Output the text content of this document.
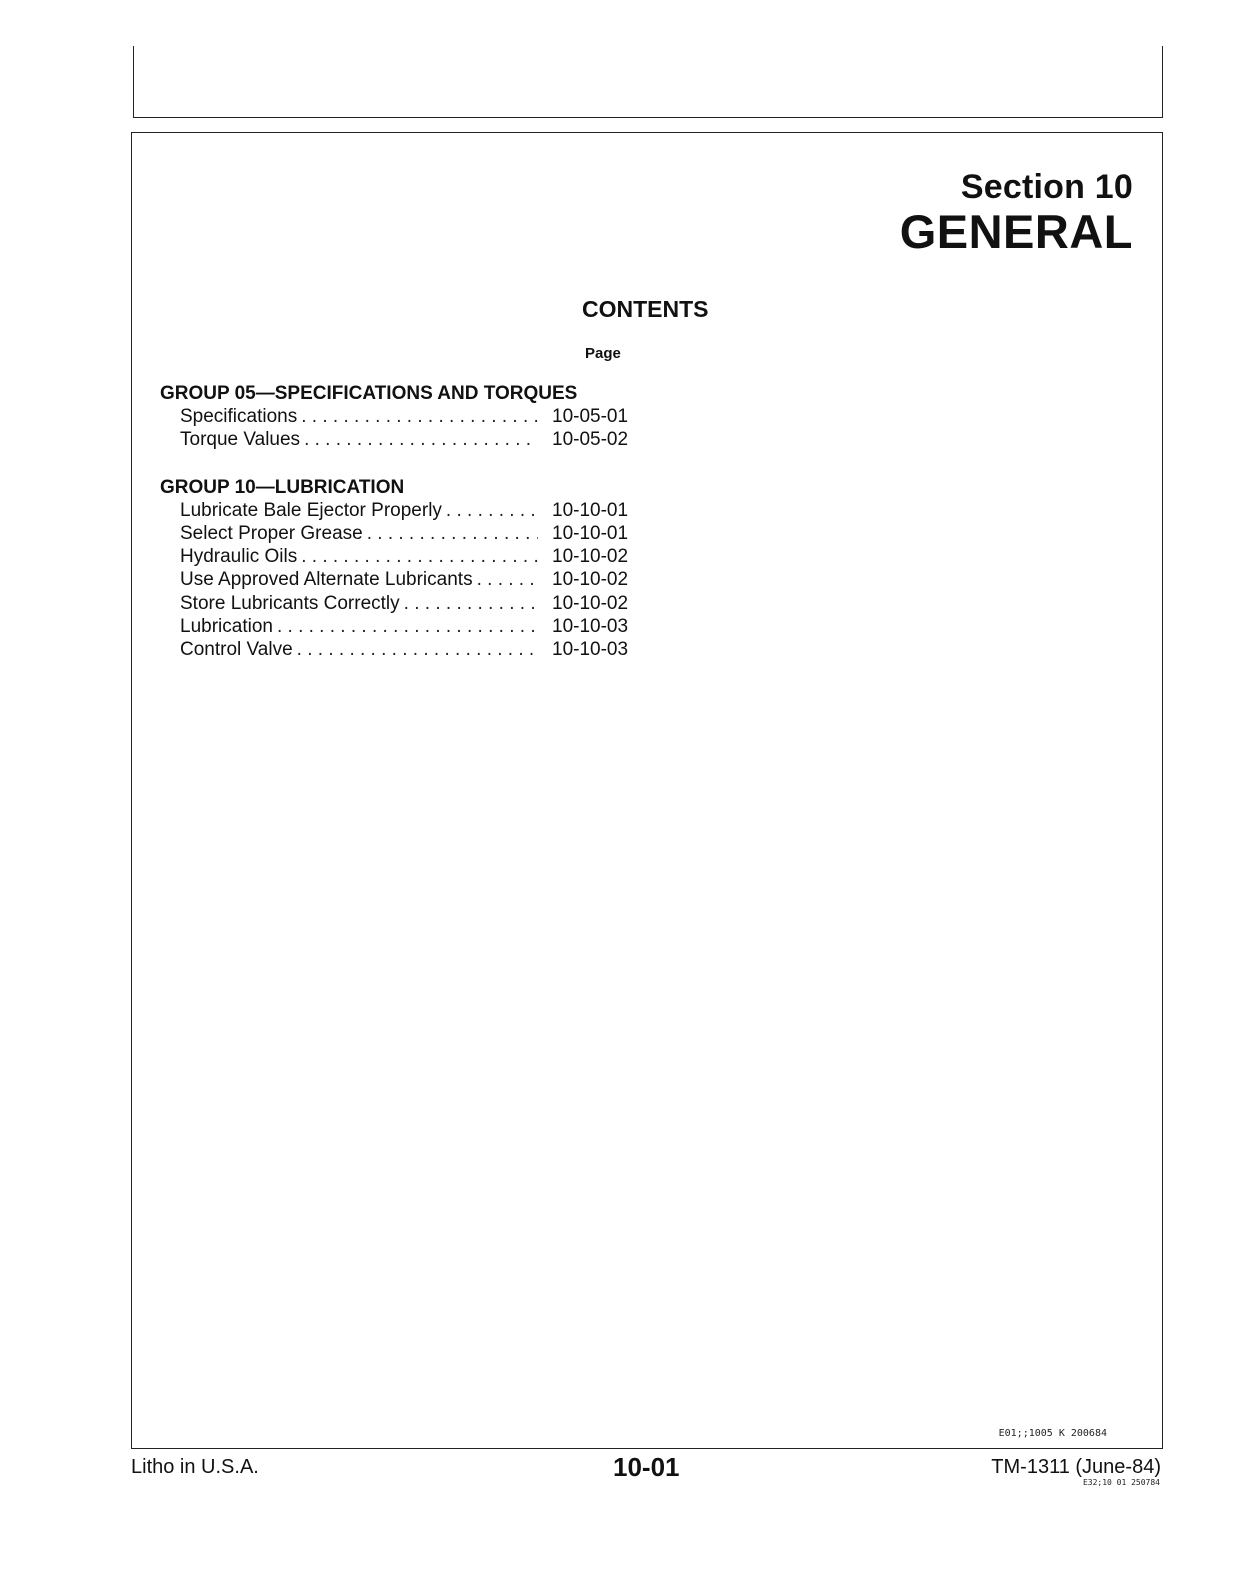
Section 10
GENERAL
CONTENTS
Page
GROUP 05—SPECIFICATIONS AND TORQUES
Specifications . . .	10-05-01
Torque Values . . .	10-05-02
GROUP 10—LUBRICATION
Lubricate Bale Ejector Properly . . .	10-10-01
Select Proper Grease . . .	10-10-01
Hydraulic Oils . . .	10-10-02
Use Approved Alternate Lubricants . . .	10-10-02
Store Lubricants Correctly . . .	10-10-02
Lubrication . . .	10-10-03
Control Valve . . .	10-10-03
E01;;1005 K 200684
Litho in U.S.A.	10-01	TM-1311 (June-84)
E32;10 01 250784
